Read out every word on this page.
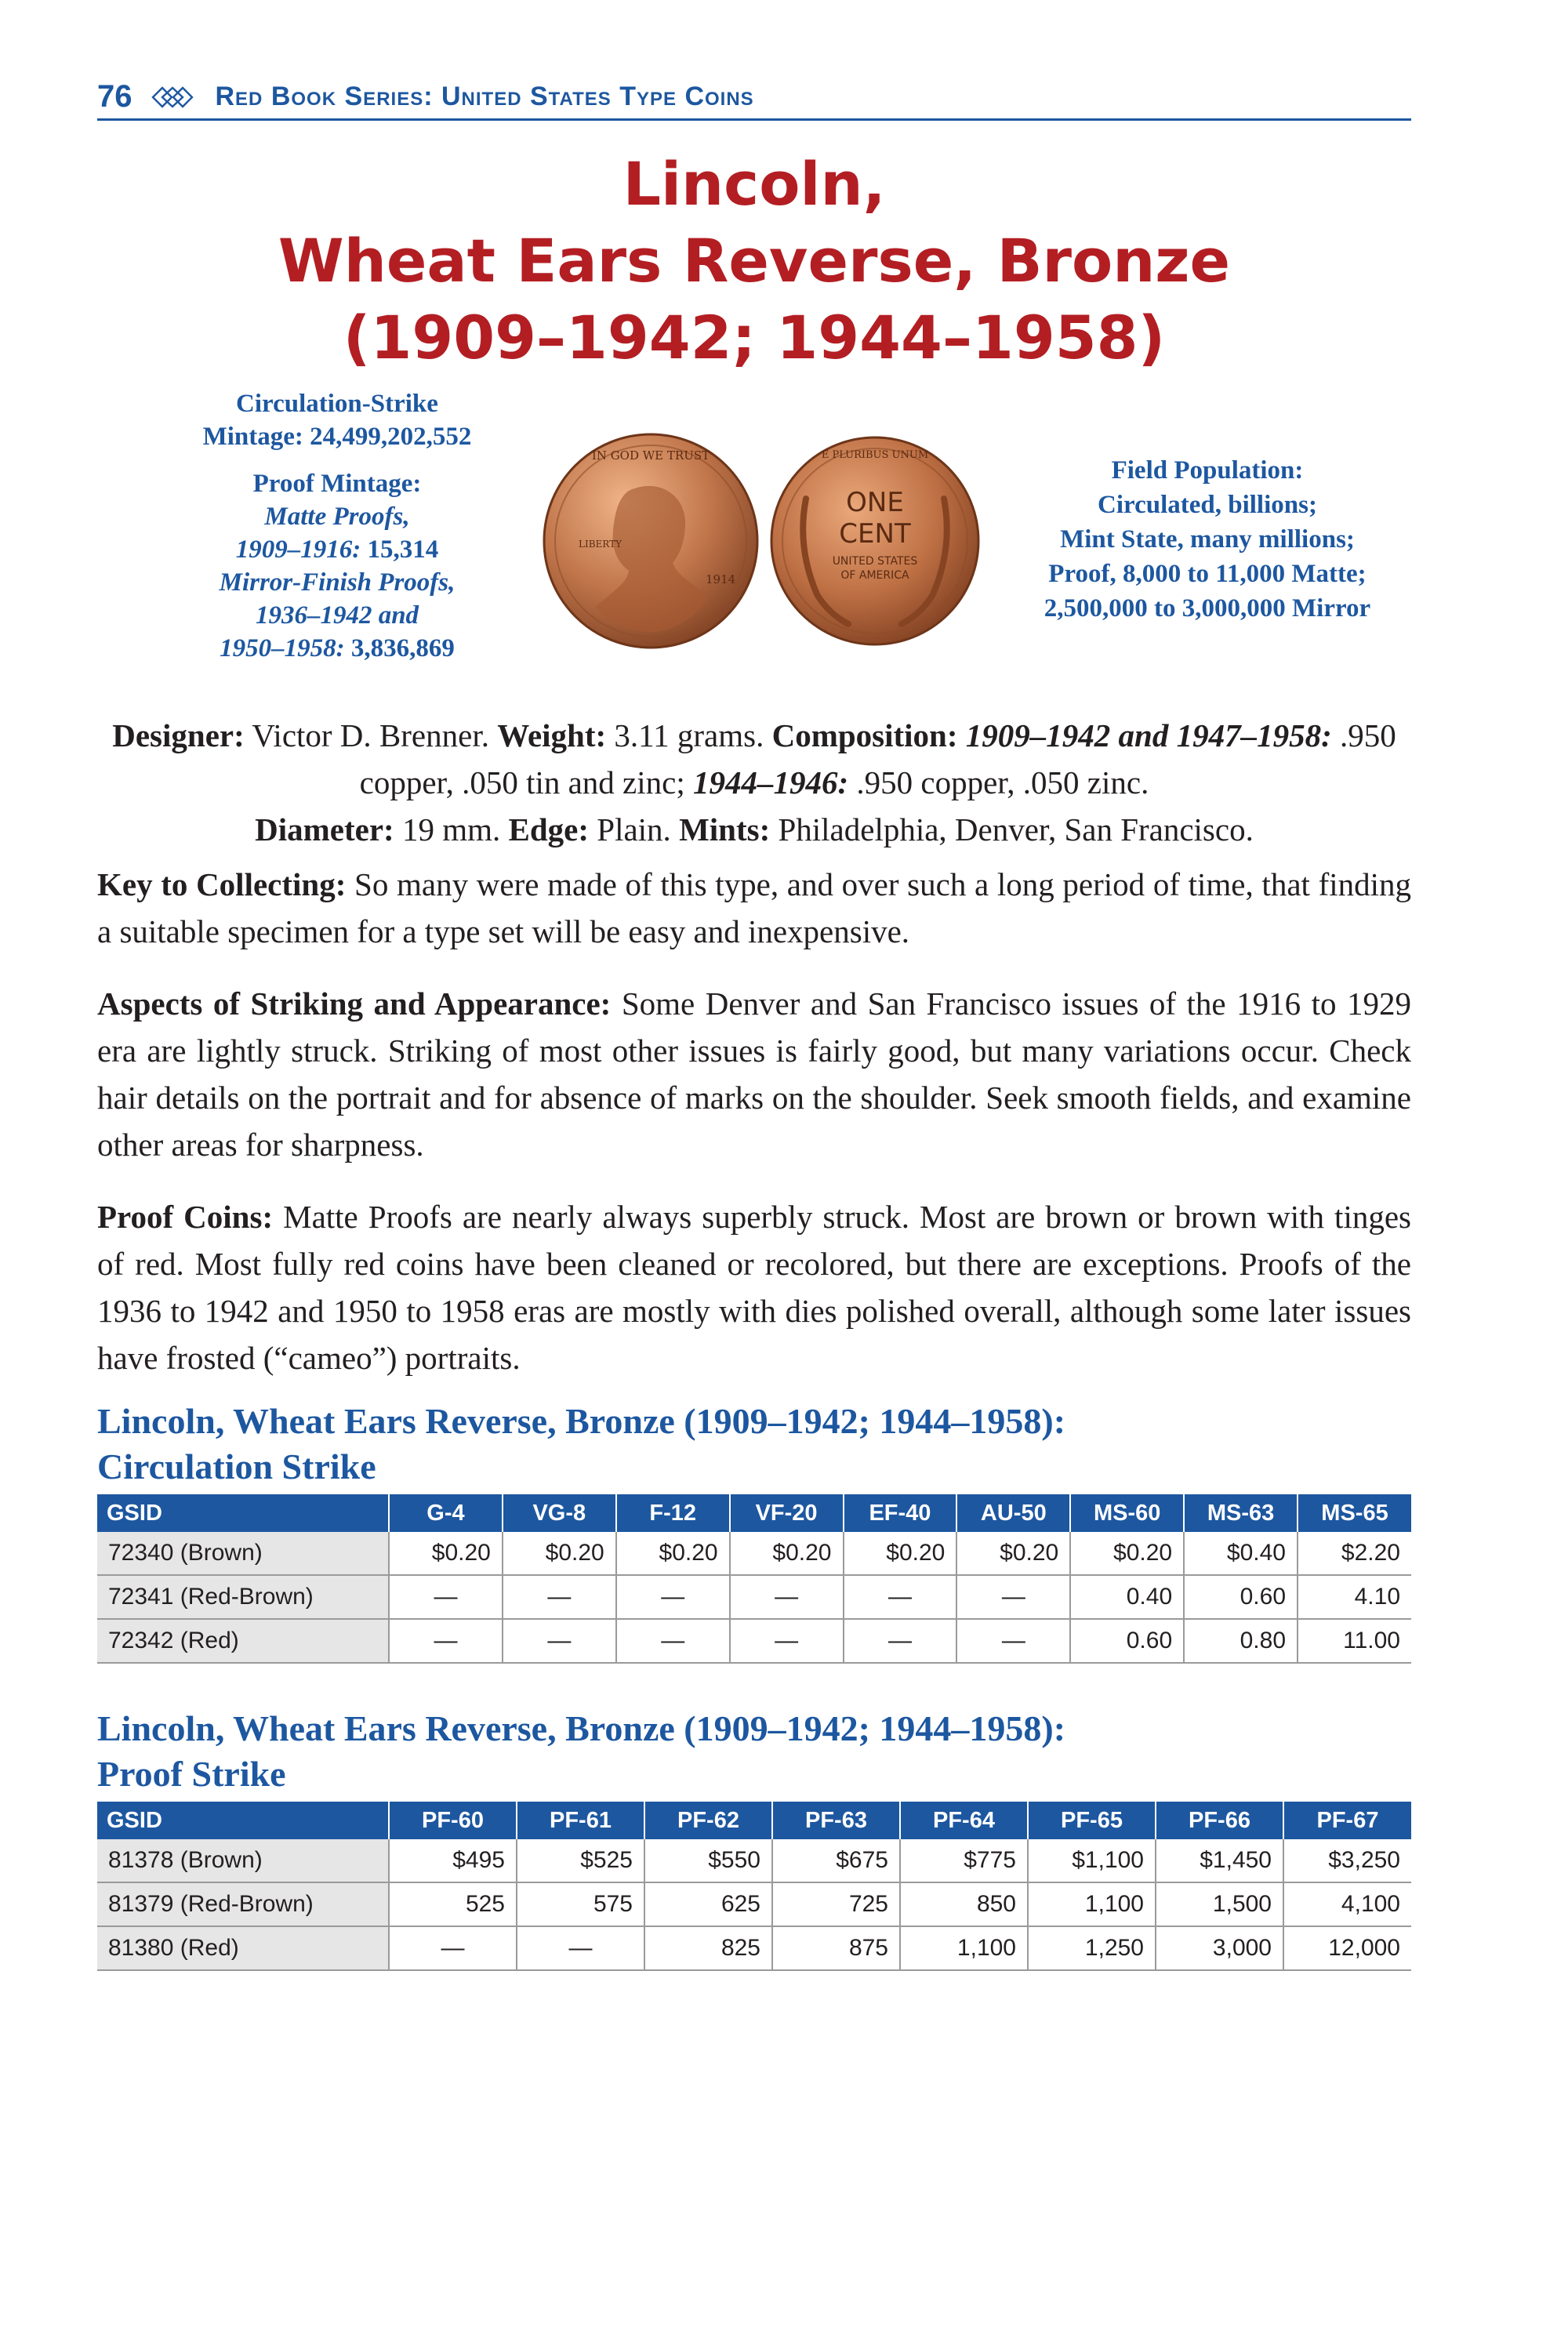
76	Red Book Series: United States Type Coins
Lincoln,
Wheat Ears Reverse, Bronze
(1909–1942; 1944–1958)

Circulation-Strike

Mintage: 24,499,202,552

Proof Mintage:

Matte Proofs,

1909–1916: 15,314

Mirror-Finish Proofs,

1936–1942 and

1950–1958: 3,836,869

IN GOD WE TRUST
LIBERTY
1914
E PLURIBUS UNUM
ONE
CENT
UNITED STATES
OF AMERICA

Field Population:

Circulated, billions;

Mint State, many millions;

Proof, 8,000 to 11,000 Matte;

2,500,000 to 3,000,000 Mirror

Designer: Victor D. Brenner. Weight: 3.11 grams. Composition: 1909–1942 and 1947–1958: .950 copper, .050 tin and zinc; 1944–1946: .950 copper, .050 zinc.
Diameter: 19 mm. Edge: Plain. Mints: Philadelphia, Denver, San Francisco.

Key to Collecting: So many were made of this type, and over such a long period of time, that finding a suitable specimen for a type set will be easy and inexpensive.

Aspects of Striking and Appearance: Some Denver and San Francisco issues of the 1916 to 1929 era are lightly struck. Striking of most other issues is fairly good, but many variations occur. Check hair details on the portrait and for absence of marks on the shoulder. Seek smooth fields, and examine other areas for sharpness.

Proof Coins: Matte Proofs are nearly always superbly struck. Most are brown or brown with tinges of red. Most fully red coins have been cleaned or recolored, but there are exceptions. Proofs of the 1936 to 1942 and 1950 to 1958 eras are mostly with dies polished overall, although some later issues have frosted (“cameo”) portraits.

Lincoln, Wheat Ears Reverse, Bronze (1909–1942; 1944–1958):
Circulation Strike
GSID	G-4	VG-8	F-12	VF-20	EF-40	AU-50	MS-60	MS-63	MS-65
72340 (Brown)	$0.20	$0.20	$0.20	$0.20	$0.20	$0.20	$0.20	$0.40	$2.20
72341 (Red-Brown)	—	—	—	—	—	—	0.40	0.60	4.10
72342 (Red)	—	—	—	—	—	—	0.60	0.80	11.00
Lincoln, Wheat Ears Reverse, Bronze (1909–1942; 1944–1958):
Proof Strike
GSID	PF-60	PF-61	PF-62	PF-63	PF-64	PF-65	PF-66	PF-67
81378 (Brown)	$495	$525	$550	$675	$775	$1,100	$1,450	$3,250
81379 (Red-Brown)	525	575	625	725	850	1,100	1,500	4,100
81380 (Red)	—	—	825	875	1,100	1,250	3,000	12,000
